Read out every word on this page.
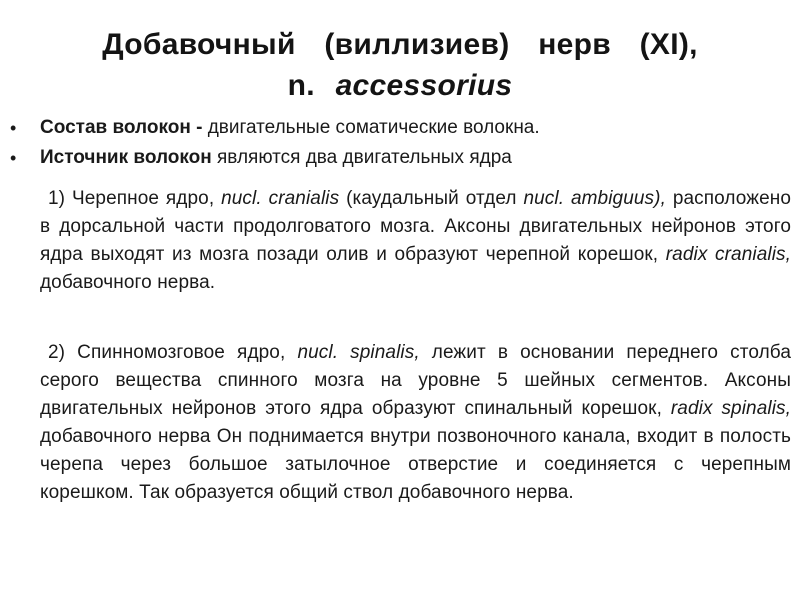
Добавочный (виллизиев) нерв (XI),
n. accessorius
• Состав волокон - двигательные соматические волокна.
• Источник волокон являются два двигательных ядра
1) Черепное ядро, nucl. cranialis (каудальный отдел nucl. ambiguus), расположено в дорсальной части продолговатого мозга. Аксоны двигательных нейронов этого ядра выходят из мозга позади олив и образуют черепной корешок, radix cranialis, добавочного нерва.
2) Спинномозговое ядро, nucl. spinalis, лежит в основании переднего столба серого вещества спинного мозга на уровне 5 шейных сегментов. Аксоны двигательных нейронов этого ядра образуют спинальный корешок, radix spinalis, добавочного нерва Он поднимается внутри позвоночного канала, входит в полость черепа через большое затылочное отверстие и соединяется с черепным корешком. Так образуется общий ствол добавочного нерва.
